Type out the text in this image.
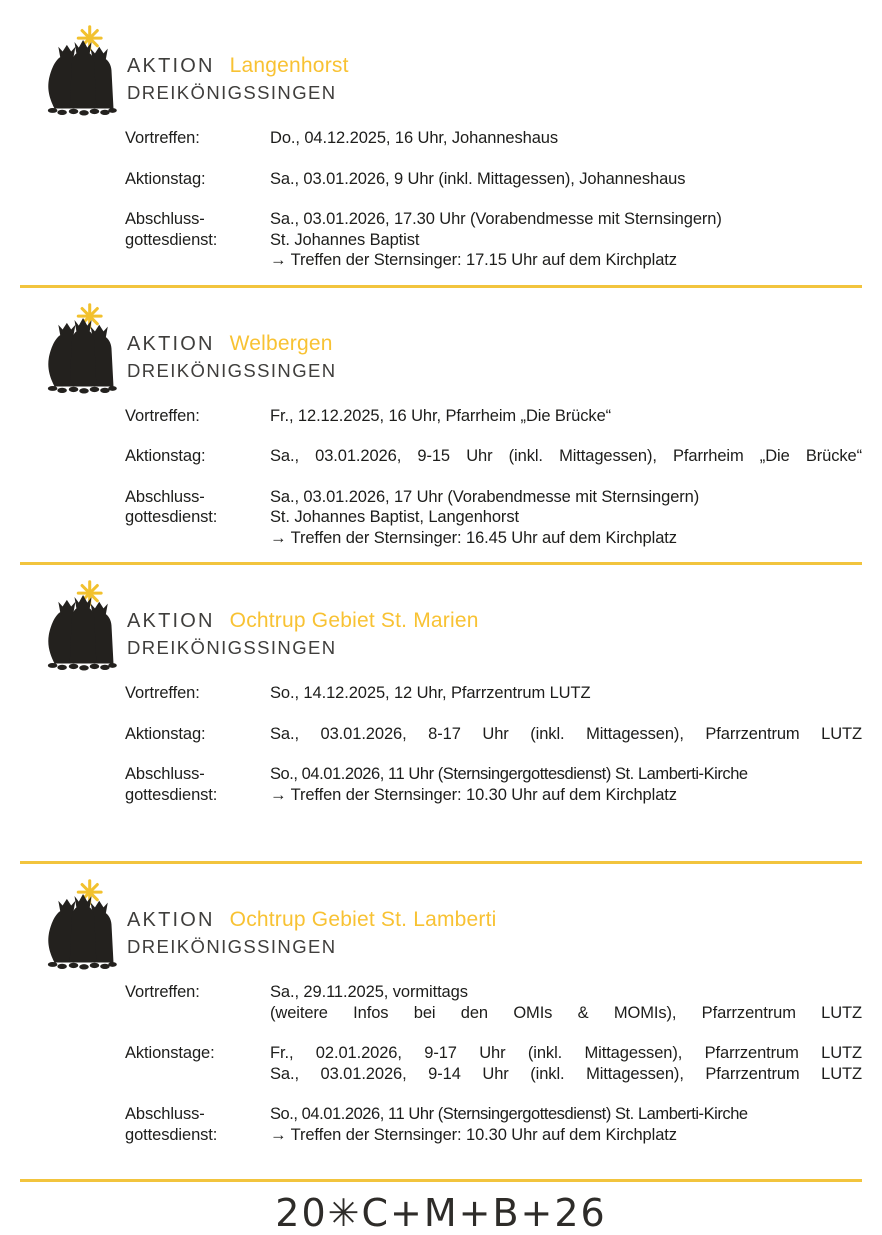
AKTION Langenhorst
DREIKÖNIGSSINGEN
Vortreffen:	Do., 04.12.2025, 16 Uhr, Johanneshaus
Aktionstag:	Sa., 03.01.2026, 9 Uhr (inkl. Mittagessen), Johanneshaus
Abschluss-
gottesdienst:
Sa., 03.01.2026, 17.30 Uhr (Vorabendmesse mit Sternsingern)
St. Johannes Baptist
→ Treffen der Sternsinger: 17.15 Uhr auf dem Kirchplatz
AKTION Welbergen
DREIKÖNIGSSINGEN
Vortreffen:	Fr., 12.12.2025, 16 Uhr, Pfarrheim „Die Brücke“
Aktionstag:	Sa., 03.01.2026, 9-15 Uhr (inkl. Mittagessen), Pfarrheim „Die Brücke“
Abschluss-
gottesdienst:
Sa., 03.01.2026, 17 Uhr (Vorabendmesse mit Sternsingern)
St. Johannes Baptist, Langenhorst
→ Treffen der Sternsinger: 16.45 Uhr auf dem Kirchplatz
AKTION Ochtrup Gebiet St. Marien
DREIKÖNIGSSINGEN
Vortreffen:	So., 14.12.2025, 12 Uhr, Pfarrzentrum LUTZ
Aktionstag:	Sa., 03.01.2026, 8-17 Uhr (inkl. Mittagessen), Pfarrzentrum LUTZ
Abschluss-
gottesdienst:
So., 04.01.2026, 11 Uhr (Sternsingergottesdienst) St. Lamberti-Kirche
→ Treffen der Sternsinger: 10.30 Uhr auf dem Kirchplatz
AKTION Ochtrup Gebiet St. Lamberti
DREIKÖNIGSSINGEN
Vortreffen:	Sa., 29.11.2025, vormittags
(weitere Infos bei den OMIs & MOMIs), Pfarrzentrum LUTZ
Aktionstage:	Fr., 02.01.2026, 9-17 Uhr (inkl. Mittagessen), Pfarrzentrum LUTZ
Sa., 03.01.2026, 9-14 Uhr (inkl. Mittagessen), Pfarrzentrum LUTZ
Abschluss-
gottesdienst:
So., 04.01.2026, 11 Uhr (Sternsingergottesdienst) St. Lamberti-Kirche
→ Treffen der Sternsinger: 10.30 Uhr auf dem Kirchplatz
20✳C+M+B+26
